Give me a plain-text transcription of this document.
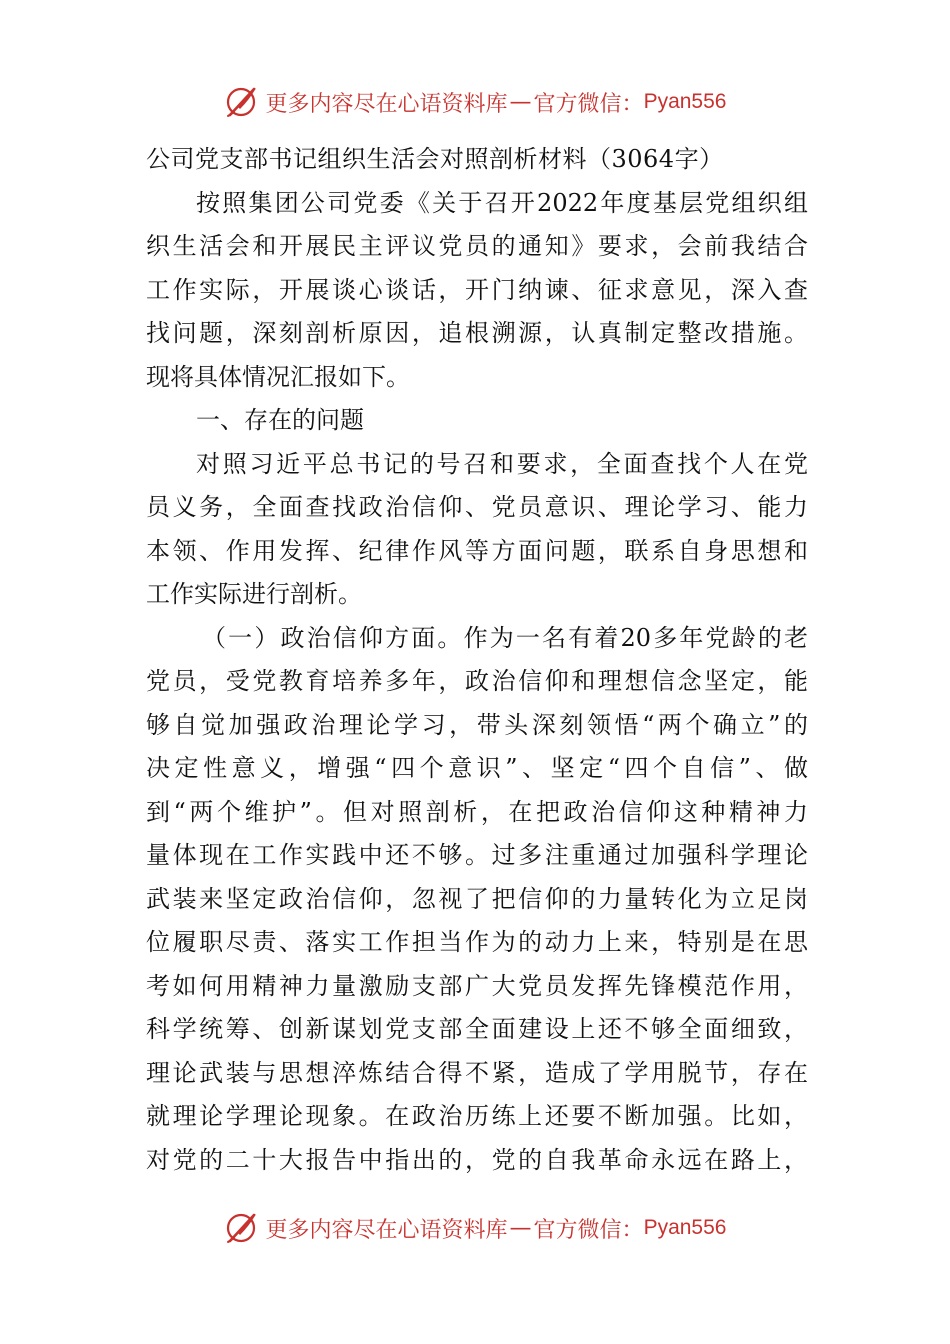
更多内容尽在心语资料库 — 官方微信： Pyan556
公司党支部书记组织生活会对照剖析材料（3064字）
按照集团公司党委《关于召开2022年度基层党组织组
织生活会和开展民主评议党员的通知》要求，会前我结合
工作实际，开展谈心谈话，开门纳谏、征求意见，深入查
找问题，深刻剖析原因，追根溯源，认真制定整改措施。
现将具体情况汇报如下。
一、存在的问题
对照习近平总书记的号召和要求，全面查找个人在党
员义务，全面查找政治信仰、党员意识、理论学习、能力
本领、作用发挥、纪律作风等方面问题，联系自身思想和
工作实际进行剖析。
（一）政治信仰方面。作为一名有着20多年党龄的老
党员，受党教育培养多年，政治信仰和理想信念坚定，能
够自觉加强政治理论学习，带头深刻领悟“两个确立”的
决定性意义，增强“四个意识”、坚定“四个自信”、做
到“两个维护”。但对照剖析，在把政治信仰这种精神力
量体现在工作实践中还不够。过多注重通过加强科学理论
武装来坚定政治信仰，忽视了把信仰的力量转化为立足岗
位履职尽责、落实工作担当作为的动力上来，特别是在思
考如何用精神力量激励支部广大党员发挥先锋模范作用，
科学统筹、创新谋划党支部全面建设上还不够全面细致，
理论武装与思想淬炼结合得不紧，造成了学用脱节，存在
就理论学理论现象。在政治历练上还要不断加强。比如，
对党的二十大报告中指出的，党的自我革命永远在路上，
更多内容尽在心语资料库 — 官方微信： Pyan556
